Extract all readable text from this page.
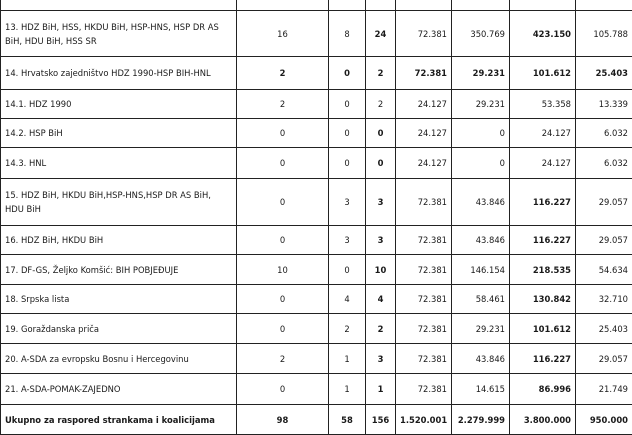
13. HDZ BiH, HSS, HKDU BiH, HSP-HNS, HSP DR AS BiH, HDU BiH, HSS SR	16	8	24	72.381	350.769	423.150	105.788
14. Hrvatsko zajedništvo HDZ 1990-HSP BIH-HNL	2	0	2	72.381	29.231	101.612	25.403
14.1. HDZ 1990	2	0	2	24.127	29.231	53.358	13.339
14.2. HSP BiH	0	0	0	24.127	0	24.127	6.032
14.3. HNL	0	0	0	24.127	0	24.127	6.032
15. HDZ BiH, HKDU BiH,HSP-HNS,HSP DR AS BiH, HDU BiH	0	3	3	72.381	43.846	116.227	29.057
16. HDZ BiH, HKDU BiH	0	3	3	72.381	43.846	116.227	29.057
17. DF-GS, Željko Komšić: BIH POBJEĐUJE	10	0	10	72.381	146.154	218.535	54.634
18. Srpska lista	0	4	4	72.381	58.461	130.842	32.710
19. Goraždanska priča	0	2	2	72.381	29.231	101.612	25.403
20. A-SDA za evropsku Bosnu i Hercegovinu	2	1	3	72.381	43.846	116.227	29.057
21. A-SDA-POMAK-ZAJEDNO	0	1	1	72.381	14.615	86.996	21.749
Ukupno za raspored strankama i koalicijama	98	58	156	1.520.001	2.279.999	3.800.000	950.000
